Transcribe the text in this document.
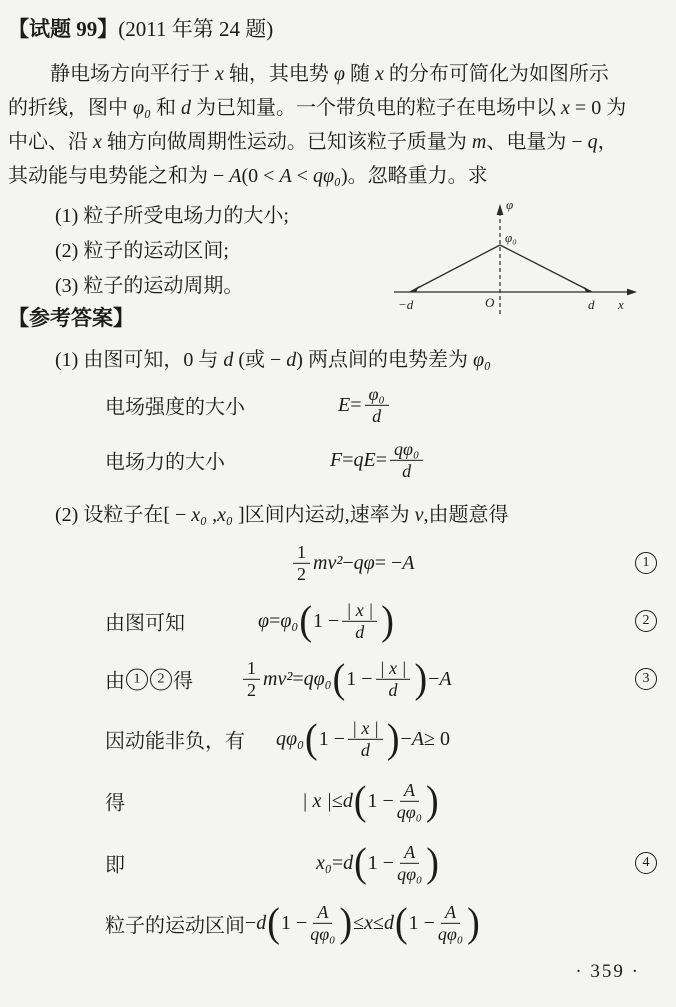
【试题 99】(2011 年第 24 题)
静电场方向平行于 x 轴，其电势 φ 随 x 的分布可简化为如图所示
的折线，图中 φ₀ 和 d 为已知量。一个带负电的粒子在电场中以 x = 0 为
中心、沿 x 轴方向做周期性运动。已知该粒子质量为 m、电量为 − q，
其动能与电势能之和为 − A(0 < A < qφ₀)。忽略重力。求
(1) 粒子所受电场力的大小;
(2) 粒子的运动区间;
(3) 粒子的运动周期。
φ
φ₀
O
−d	d x
【参考答案】
(1) 由图可知，0 与 d (或 − d) 两点间的电势差为 φ₀
电场强度的大小	$E = \frac{\text{φ₀}}{d}$
电场力的大小	F = qE = $\frac{\text{qφ₀}}{d}$
(2) 设粒子在[ − x₀ ,x₀ ]区间内运动,速率为 v,由题意得
$\frac{1}{2} mv^2 - q\varphi$ = − A	1
由图可知	φ = φ₀ ( $1 - \frac{| x |}{d}$ )	2
由 1	2 得	$\frac{1}{2} mv^2 = q\varphi_0$ ( $1 - \frac{| x |}{d}$ ) − A	3
因动能非负，有 qφ₀ ( $1 - \frac{| x |}{d}$ ) − A ≥ 0
得	| x | ≤ d ( $1 - \frac{A}{\text{qφ₀}}$ )
即	x₀ = d ( $1 - \frac{A}{\text{qφ₀}}$ )	4
粒子的运动区间 − d ( $1 - \frac{A}{\text{qφ₀}}$ ) ≤ x ≤ d ( $1 - \frac{A}{\text{qφ₀}}$ )
· 359 ·
